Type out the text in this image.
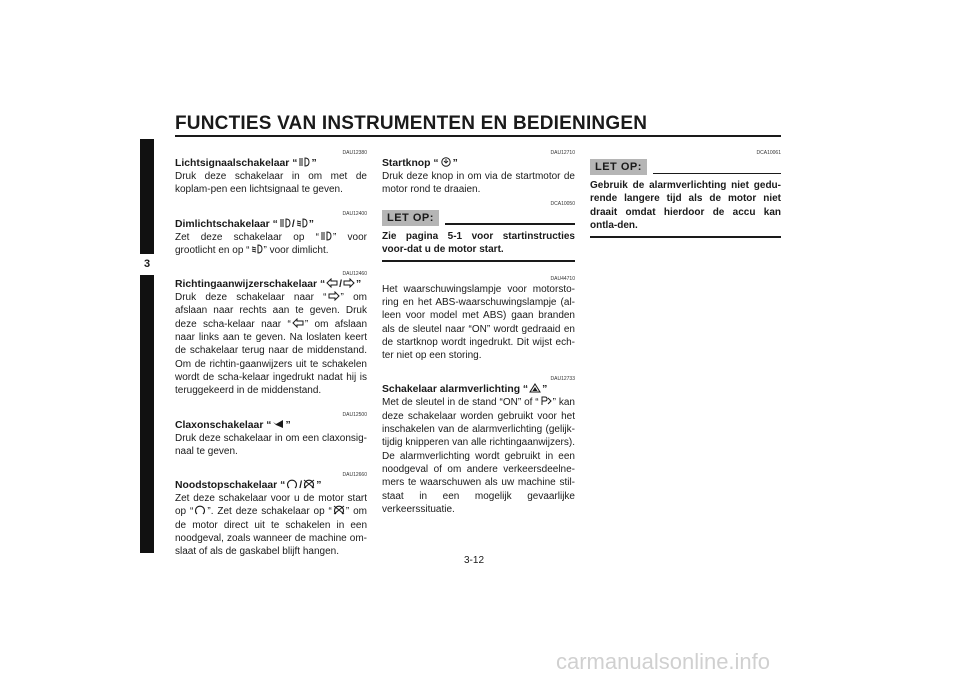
FUNCTIES VAN INSTRUMENTEN EN BEDIENINGEN
3
DAU12380
Lichtsignaalschakelaar “ ”
Druk deze schakelaar in om met de koplam-pen een lichtsignaal te geven.
DAU12400
Dimlichtschakelaar “ / ”
Zet deze schakelaar op “ ” voor grootlicht en op “ ” voor dimlicht.
DAU12460
Richtingaanwijzerschakelaar “ / ”
Druk deze schakelaar naar “ ” om afslaan naar rechts aan te geven. Druk deze scha-kelaar naar “ ” om afslaan naar links aan te geven. Na loslaten keert de schakelaar terug naar de middenstand. Om de richtin-gaanwijzers uit te schakelen wordt de scha-kelaar ingedrukt nadat hij is teruggekeerd in de middenstand.
DAU12500
Claxonschakelaar “ ”
Druk deze schakelaar in om een claxonsig-naal te geven.
DAU12660
Noodstopschakelaar “ / ”
Zet deze schakelaar voor u de motor start op “ ”. Zet deze schakelaar op “ ” om de motor direct uit te schakelen in een noodgeval, zoals wanneer de machine om-slaat of als de gaskabel blijft hangen.
DAU12710
Startknop “ ”
Druk deze knop in om via de startmotor de motor rond te draaien.
DCA10050
LET OP:
Zie pagina 5-1 voor startinstructies voor-dat u de motor start.
DAU44710
Het waarschuwingslampje voor motorsto-ring en het ABS-waarschuwingslampje (al-leen voor model met ABS) gaan branden als de sleutel naar “ON” wordt gedraaid en de startknop wordt ingedrukt. Dit wijst ech-ter niet op een storing.
DAU12733
Schakelaar alarmverlichting “ ”
Met de sleutel in de stand “ON” of “ ” kan deze schakelaar worden gebruikt voor het inschakelen van de alarmverlichting (gelijk-tijdig knipperen van alle richtingaanwijzers). De alarmverlichting wordt gebruikt in een noodgeval of om andere verkeersdeelne-mers te waarschuwen als uw machine stil-staat in een mogelijk gevaarlijke verkeerssituatie.
DCA10061
LET OP:
Gebruik de alarmverlichting niet gedu-rende langere tijd als de motor niet draait omdat hierdoor de accu kan ontla-den.
3-12
carmanualsonline.info
